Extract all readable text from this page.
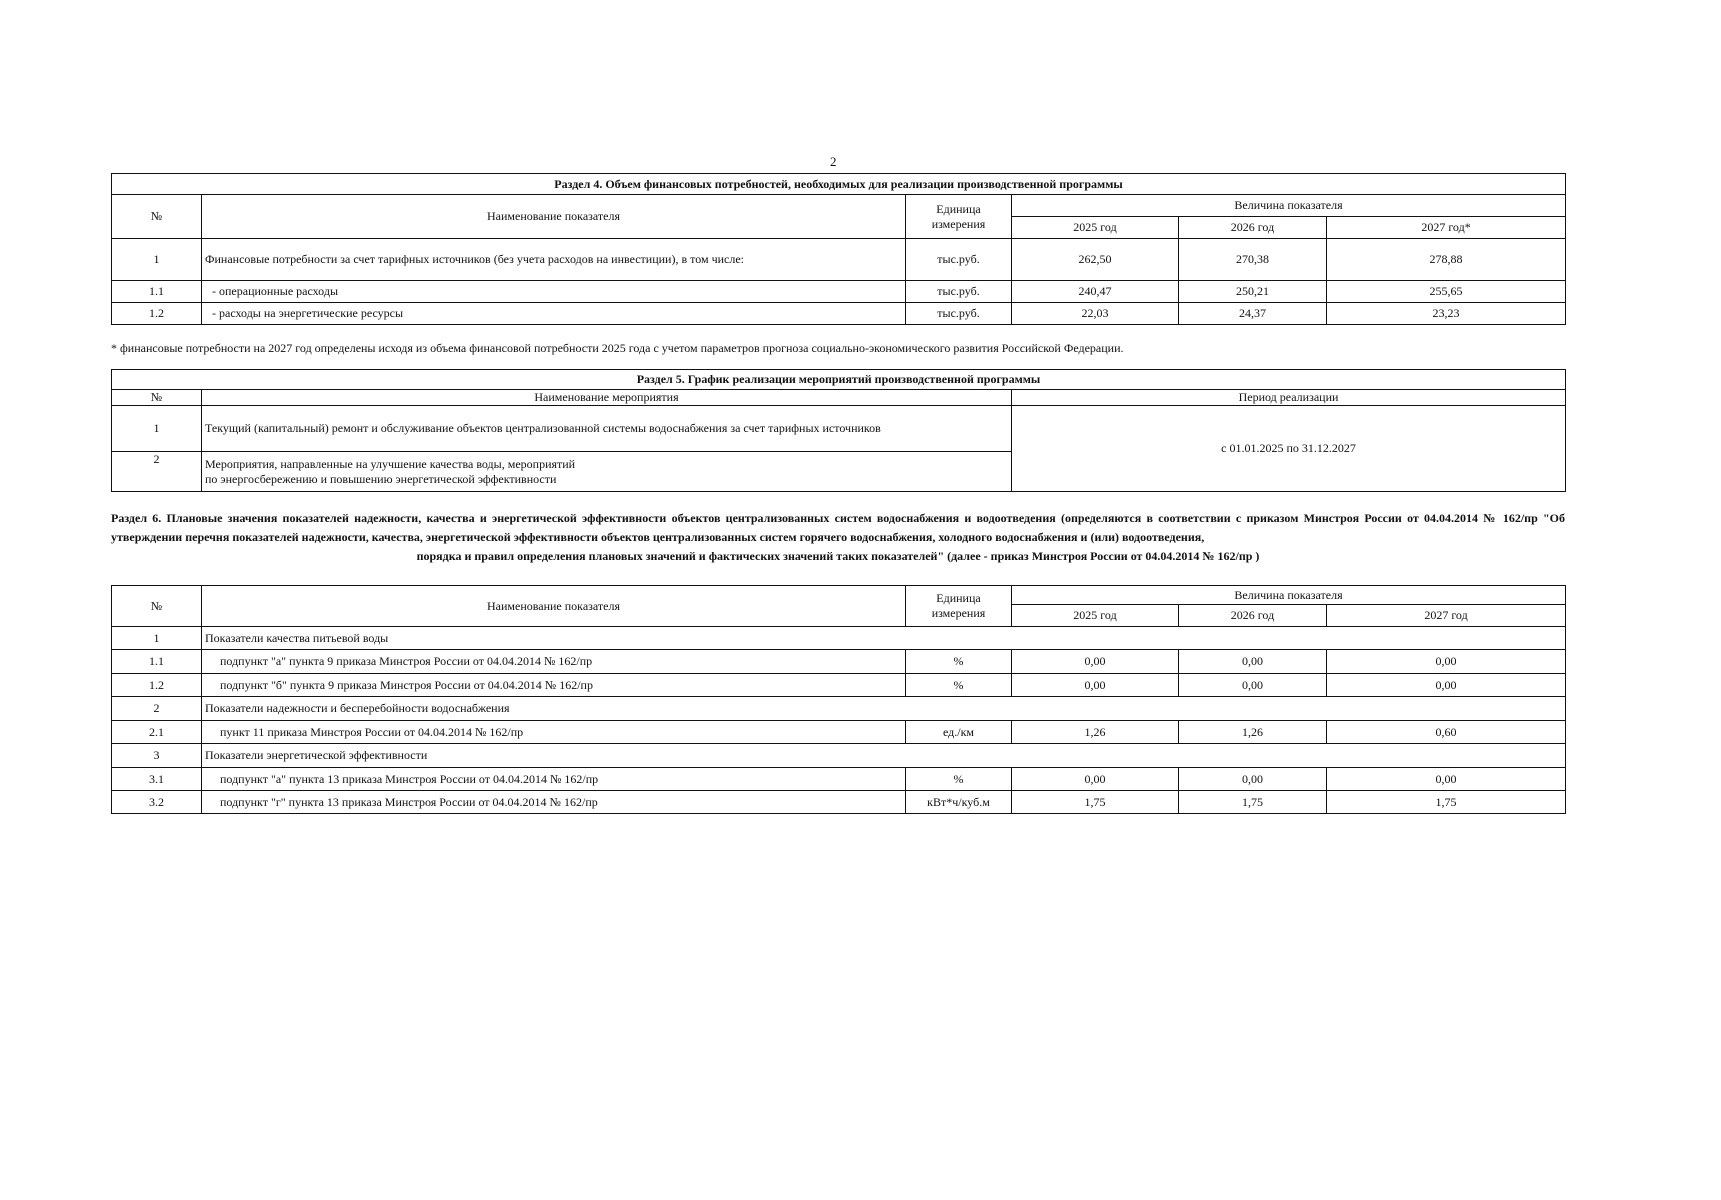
2
Раздел 4. Объем финансовых потребностей, необходимых для реализации производственной программы					
№	Наименование показателя	Единица измерения	Величина показателя		
			2025 год	2026 год	2027 год*
1	Финансовые потребности за счет тарифных источников (без учета расходов на инвестиции), в том числе:	тыс.руб.	262,50	270,38	278,88
1.1	- операционные расходы	тыс.руб.	240,47	250,21	255,65
1.2	- расходы на энергетические ресурсы	тыс.руб.	22,03	24,37	23,23
* финансовые потребности на 2027 год определены исходя из объема финансовой потребности 2025 года с учетом параметров прогноза социально-экономического развития Российской Федерации.
Раздел 5. График реализации мероприятий производственной программы		
№	Наименование мероприятия	Период реализации
1	Текущий (капитальный) ремонт и обслуживание объектов централизованной системы водоснабжения за счет тарифных источников	с 01.01.2025 по 31.12.2027
2	Мероприятия, направленные на улучшение качества воды, мероприятий
по энергосбережению и повышению энергетической эффективности	
Раздел 6. Плановые значения показателей надежности, качества и энергетической эффективности объектов централизованных систем водоснабжения и водоотведения (определяются в соответствии с приказом Минстроя России от 04.04.2014 № 162/пр "Об утверждении перечня показателей надежности, качества, энергетической эффективности объектов централизованных систем горячего водоснабжения, холодного водоснабжения и (или) водоотведения,
порядка и правил определения плановых значений и фактических значений таких показателей" (далее - приказ Минстроя России от 04.04.2014 № 162/пр )
№	Наименование показателя	Единица измерения	Величина показателя		
			2025 год	2026 год	2027 год
1	Показатели качества питьевой воды				
1.1	подпункт "а" пункта 9 приказа Минстроя России от 04.04.2014 № 162/пр	%	0,00	0,00	0,00
1.2	подпункт "б" пункта 9 приказа Минстроя России от 04.04.2014 № 162/пр	%	0,00	0,00	0,00
2	Показатели надежности и бесперебойности водоснабжения				
2.1	пункт 11 приказа Минстроя России от 04.04.2014 № 162/пр	ед./км	1,26	1,26	0,60
3	Показатели энергетической эффективности				
3.1	подпункт "а" пункта 13 приказа Минстроя России от 04.04.2014 № 162/пр	%	0,00	0,00	0,00
3.2	подпункт "г" пункта 13 приказа Минстроя России от 04.04.2014 № 162/пр	кВт*ч/куб.м	1,75	1,75	1,75
